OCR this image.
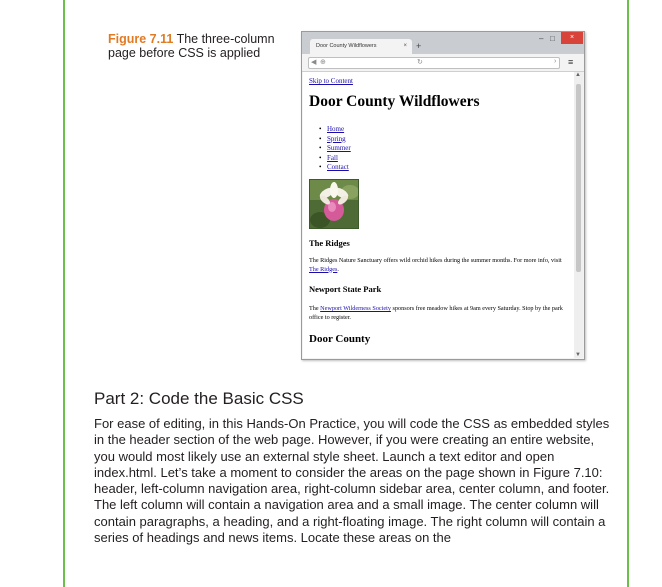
Figure 7.11 The three-column page before CSS is applied	Door County Wildflowers	× +
– □	×
◀ ⊕	↻	› ≡
Skip to Content
Door County Wildflowers
• Home
• Spring
• Summer
• Fall
• Contact
The Ridges
The Ridges Nature Sanctuary offers wild orchid hikes during the summer months. For more info, visit The Ridges.
Newport State Park
The Newport Wilderness Society sponsors free meadow hikes at 9am every Saturday. Stop by the park office to register.
Door County
▲
▼
Part 2: Code the Basic CSS

For ease of editing, in this Hands-On Practice, you will code the CSS as embedded styles in the header section of the web page. However, if you were creating an entire website, you would most likely use an external style sheet. Launch a text editor and open index.html. Let’s take a moment to consider the areas on the page shown in Figure 7.10: header, left-column navigation area, right-column sidebar area, center column, and footer. The left column will contain a navigation area and a small image. The center column will contain paragraphs, a heading, and a right-floating image. The right column will contain a series of headings and news items. Locate these areas on the
